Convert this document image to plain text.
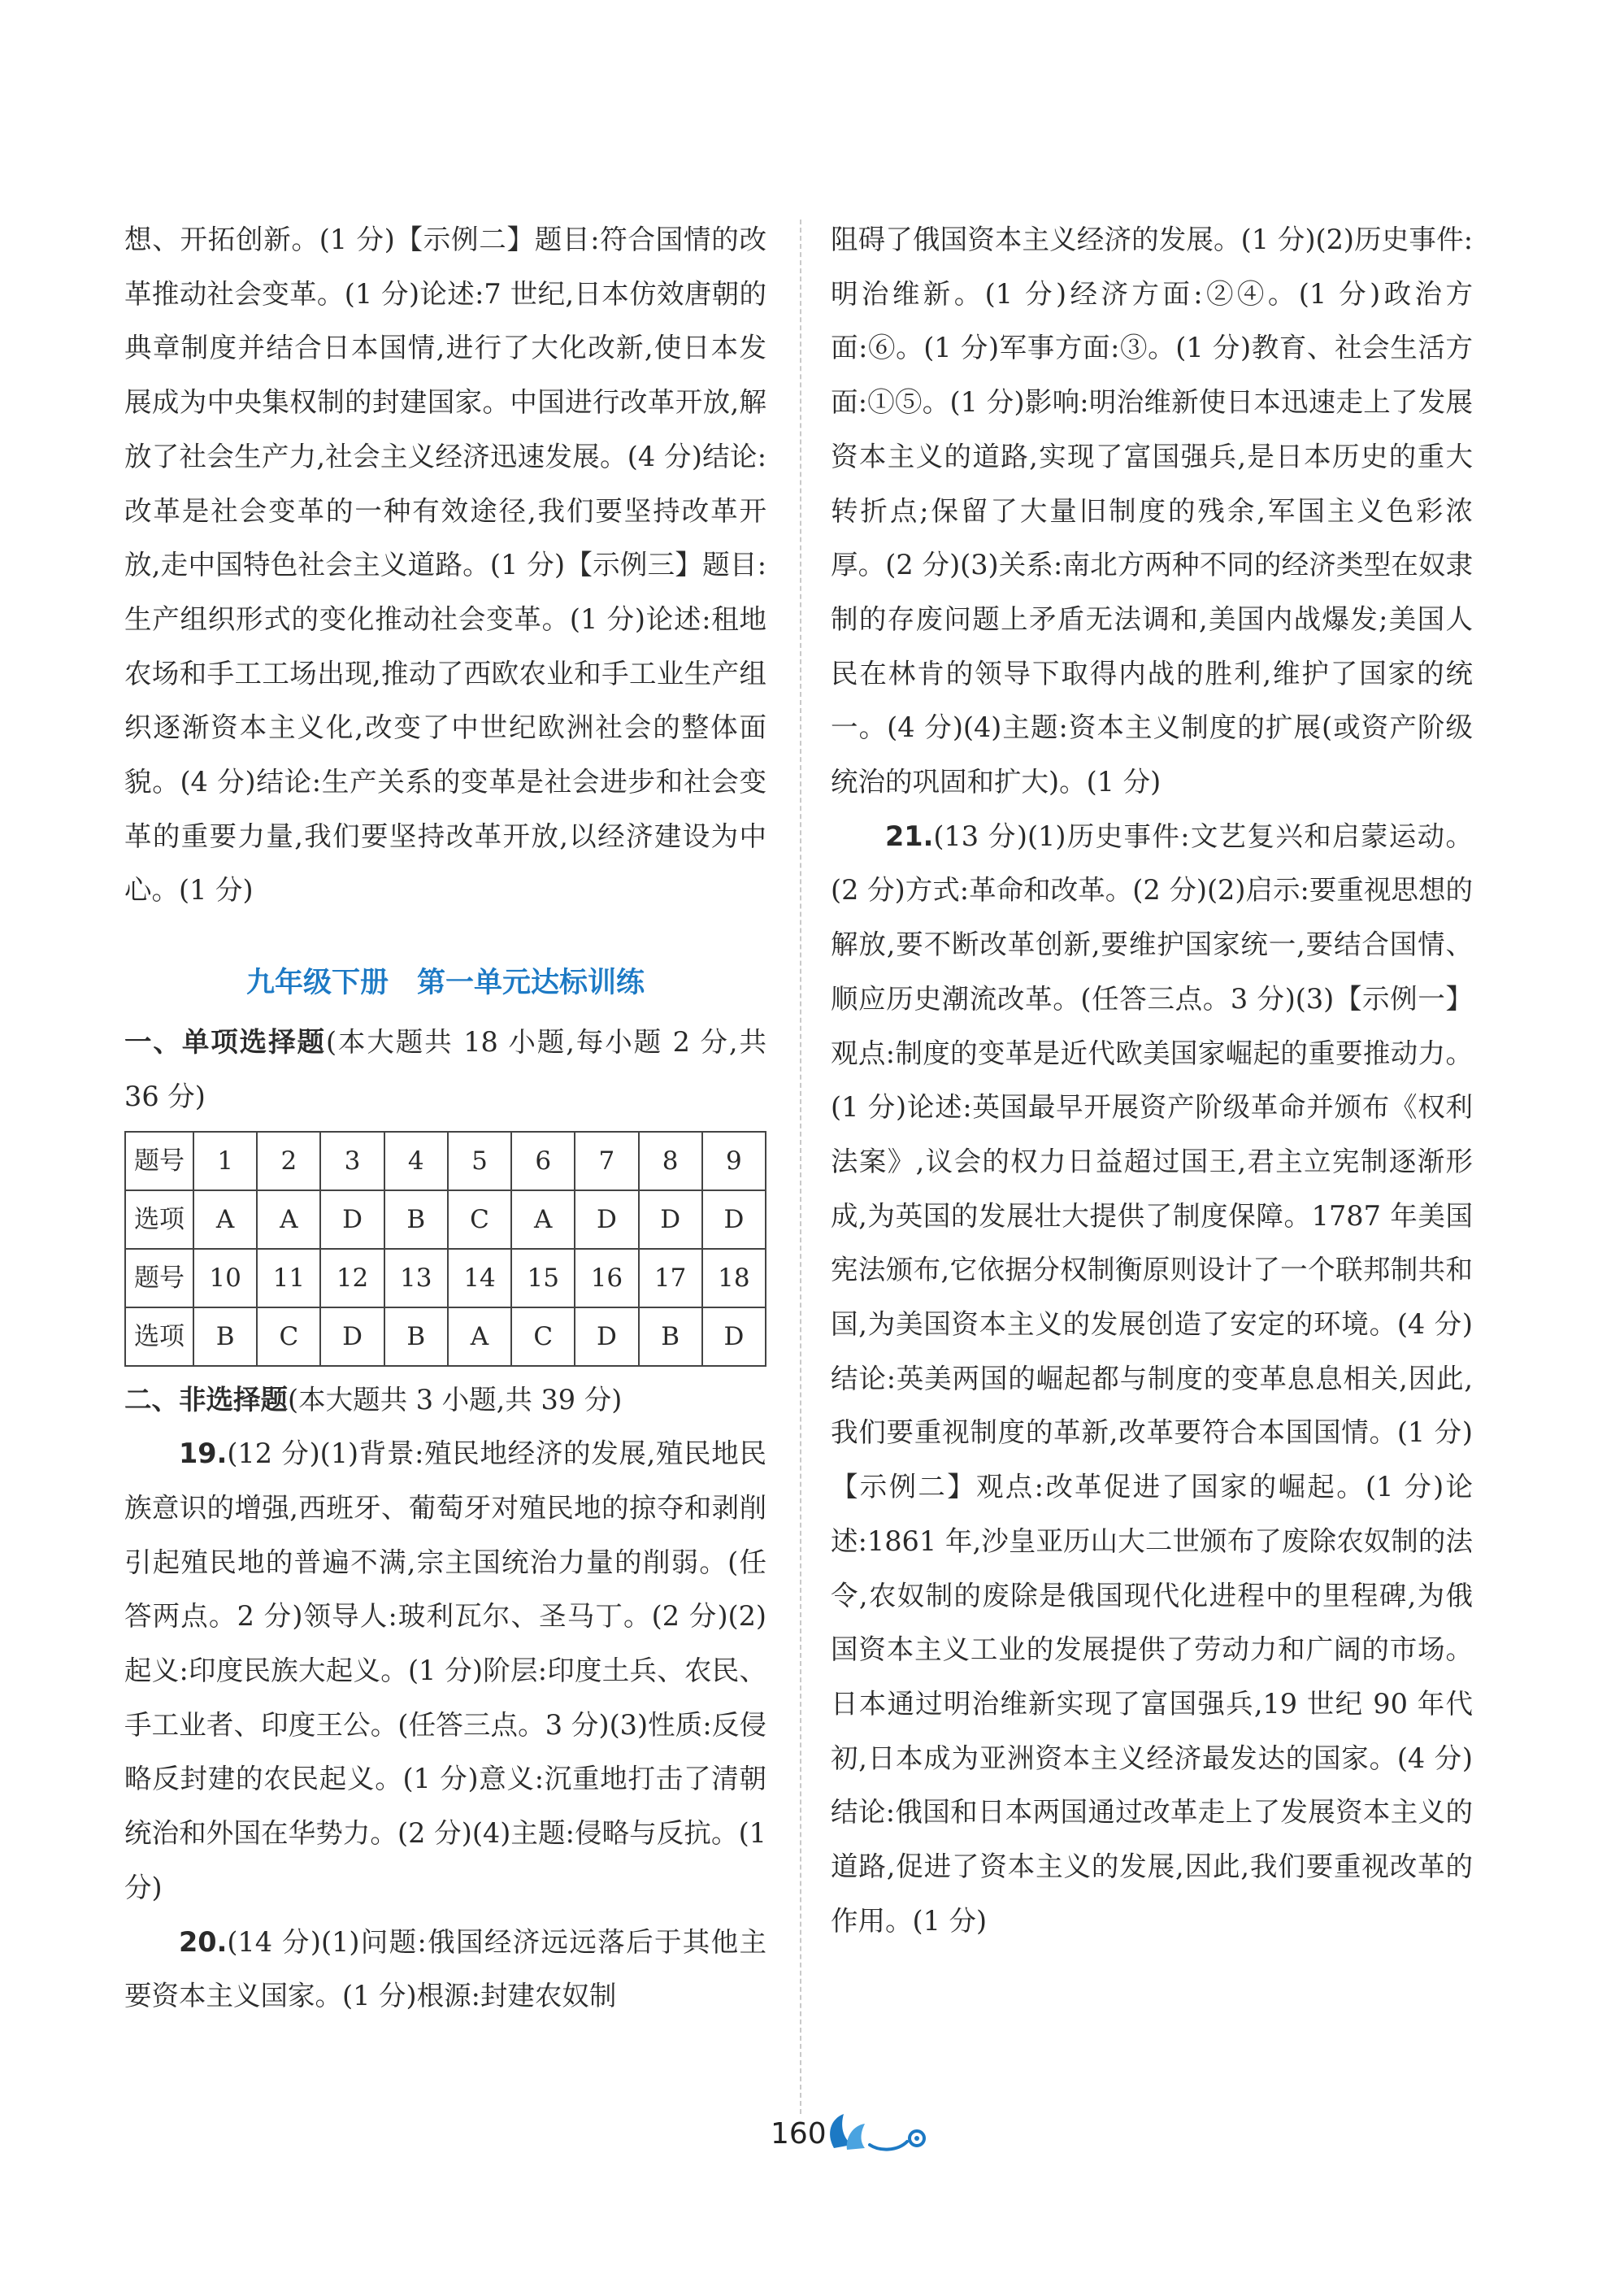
想、开拓创新。(1 分)【示例二】题目:符合国情的改革推动社会变革。(1 分)论述:7 世纪,日本仿效唐朝的典章制度并结合日本国情,进行了大化改新,使日本发展成为中央集权制的封建国家。中国进行改革开放,解放了社会生产力,社会主义经济迅速发展。(4 分)结论:改革是社会变革的一种有效途径,我们要坚持改革开放,走中国特色社会主义道路。(1 分)【示例三】题目:生产组织形式的变化推动社会变革。(1 分)论述:租地农场和手工工场出现,推动了西欧农业和手工业生产组织逐渐资本主义化,改变了中世纪欧洲社会的整体面貌。(4 分)结论:生产关系的变革是社会进步和社会变革的重要力量,我们要坚持改革开放,以经济建设为中心。(1 分)

九年级下册　第一单元达标训练

一、单项选择题(本大题共 18 小题,每小题 2 分,共 36 分)

题号	1	2	3	4	5	6	7	8	9
选项	A	A	D	B	C	A	D	D	D
题号	10	11	12	13	14	15	16	17	18
选项	B	C	D	B	A	C	D	B	D

二、非选择题(本大题共 3 小题,共 39 分)

19.(12 分)(1)背景:殖民地经济的发展,殖民地民族意识的增强,西班牙、葡萄牙对殖民地的掠夺和剥削引起殖民地的普遍不满,宗主国统治力量的削弱。(任答两点。2 分)领导人:玻利瓦尔、圣马丁。(2 分)(2)起义:印度民族大起义。(1 分)阶层:印度土兵、农民、手工业者、印度王公。(任答三点。3 分)(3)性质:反侵略反封建的农民起义。(1 分)意义:沉重地打击了清朝统治和外国在华势力。(2 分)(4)主题:侵略与反抗。(1 分)

20.(14 分)(1)问题:俄国经济远远落后于其他主要资本主义国家。(1 分)根源:封建农奴制

阻碍了俄国资本主义经济的发展。(1 分)(2)历史事件:明治维新。(1 分)经济方面:②④。(1 分)政治方面:⑥。(1 分)军事方面:③。(1 分)教育、社会生活方面:①⑤。(1 分)影响:明治维新使日本迅速走上了发展资本主义的道路,实现了富国强兵,是日本历史的重大转折点;保留了大量旧制度的残余,军国主义色彩浓厚。(2 分)(3)关系:南北方两种不同的经济类型在奴隶制的存废问题上矛盾无法调和,美国内战爆发;美国人民在林肯的领导下取得内战的胜利,维护了国家的统一。(4 分)(4)主题:资本主义制度的扩展(或资产阶级统治的巩固和扩大)。(1 分)

21.(13 分)(1)历史事件:文艺复兴和启蒙运动。(2 分)方式:革命和改革。(2 分)(2)启示:要重视思想的解放,要不断改革创新,要维护国家统一,要结合国情、顺应历史潮流改革。(任答三点。3 分)(3)【示例一】观点:制度的变革是近代欧美国家崛起的重要推动力。(1 分)论述:英国最早开展资产阶级革命并颁布《权利法案》,议会的权力日益超过国王,君主立宪制逐渐形成,为英国的发展壮大提供了制度保障。1787 年美国宪法颁布,它依据分权制衡原则设计了一个联邦制共和国,为美国资本主义的发展创造了安定的环境。(4 分)结论:英美两国的崛起都与制度的变革息息相关,因此,我们要重视制度的革新,改革要符合本国国情。(1 分)【示例二】观点:改革促进了国家的崛起。(1 分)论述:1861 年,沙皇亚历山大二世颁布了废除农奴制的法令,农奴制的废除是俄国现代化进程中的里程碑,为俄国资本主义工业的发展提供了劳动力和广阔的市场。日本通过明治维新实现了富国强兵,19 世纪 90 年代初,日本成为亚洲资本主义经济最发达的国家。(4 分)结论:俄国和日本两国通过改革走上了发展资本主义的道路,促进了资本主义的发展,因此,我们要重视改革的作用。(1 分)

160
